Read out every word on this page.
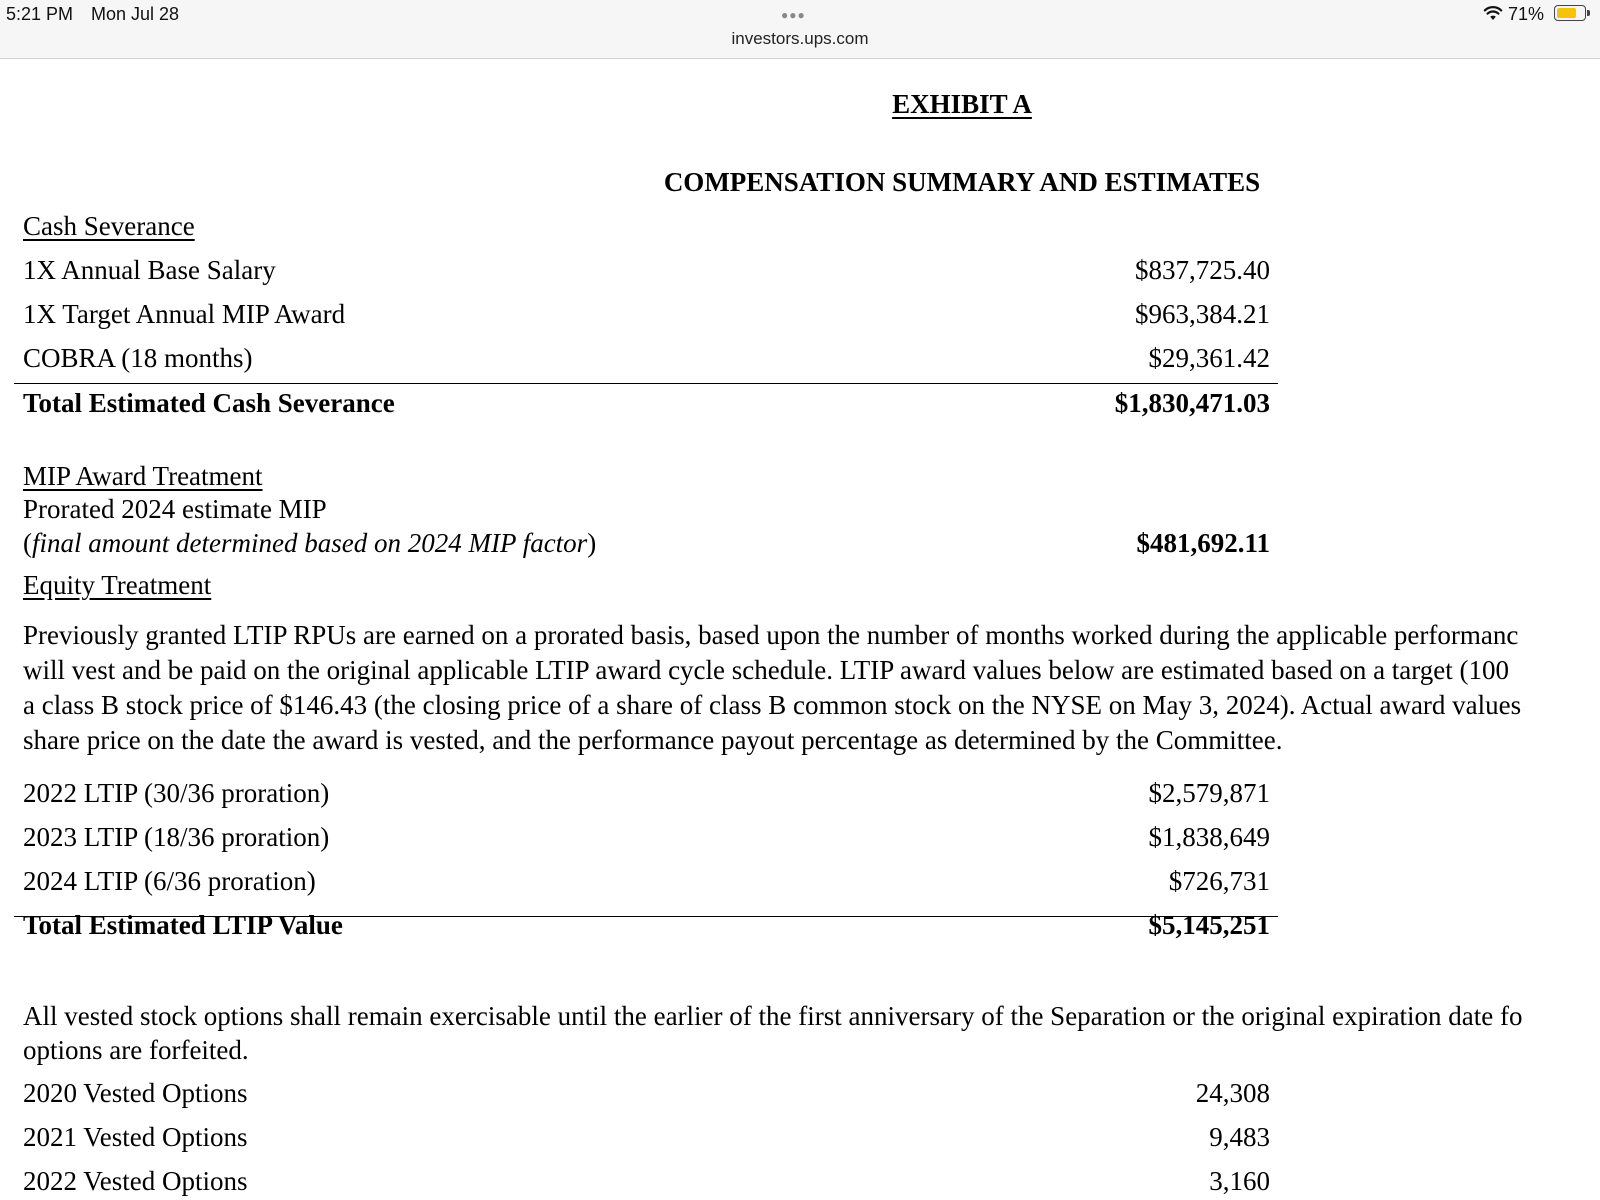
5:21 PM Mon Jul 28	●●●
investors.ups.com
71%
EXHIBIT A
COMPENSATION SUMMARY AND ESTIMATES
Cash Severance
1X Annual Base Salary	$837,725.40
1X Target Annual MIP Award	$963,384.21
COBRA (18 months)	$29,361.42
Total Estimated Cash Severance	$1,830,471.03
MIP Award Treatment
Prorated 2024 estimate MIP
(final amount determined based on 2024 MIP factor)	$481,692.11
Equity Treatment
Previously granted LTIP RPUs are earned on a prorated basis, based upon the number of months worked during the applicable performanc
will vest and be paid on the original applicable LTIP award cycle schedule. LTIP award values below are estimated based on a target (100
a class B stock price of $146.43 (the closing price of a share of class B common stock on the NYSE on May 3, 2024). Actual award values
share price on the date the award is vested, and the performance payout percentage as determined by the Committee.
2022 LTIP (30/36 proration)	$2,579,871
2023 LTIP (18/36 proration)	$1,838,649
2024 LTIP (6/36 proration)	$726,731
Total Estimated LTIP Value	$5,145,251
All vested stock options shall remain exercisable until the earlier of the first anniversary of the Separation or the original expiration date fo
options are forfeited.
2020 Vested Options	24,308
2021 Vested Options	9,483
2022 Vested Options	3,160
